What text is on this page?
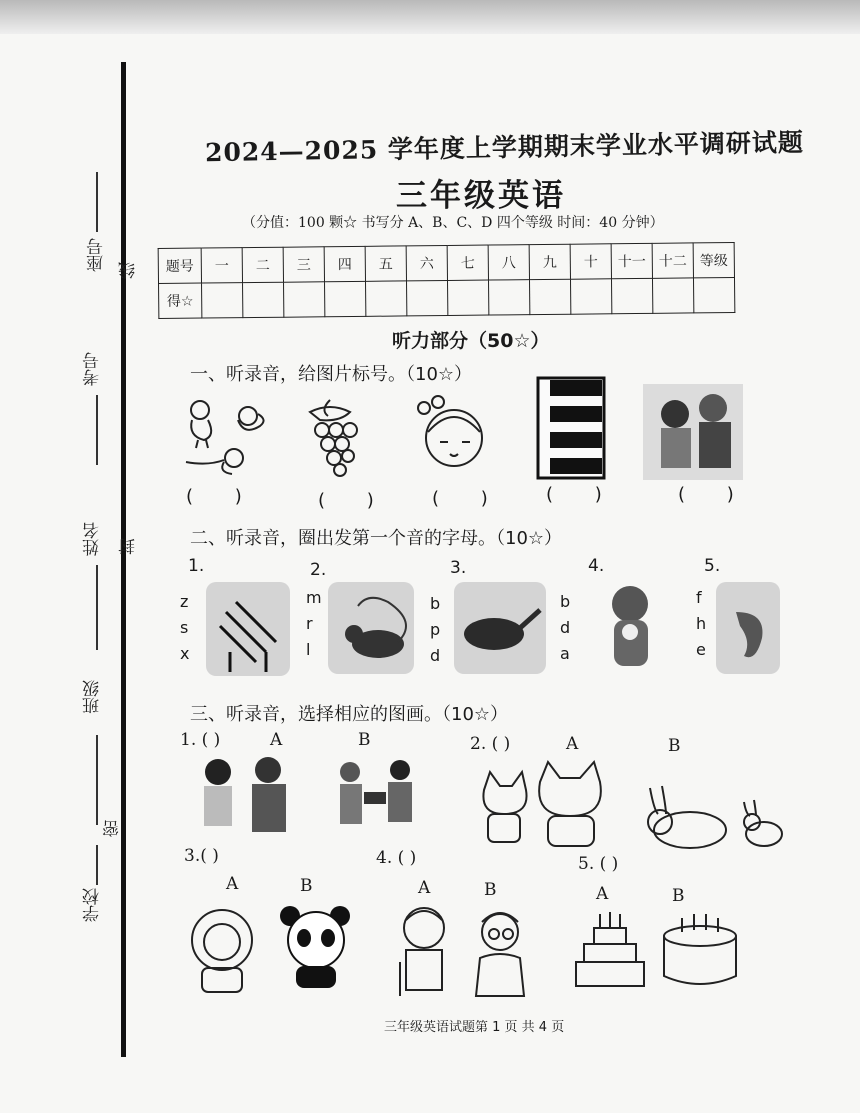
座号 线
考号
姓名 封
班级
密
学校
2024—2025 学年度上学期期末学业水平调研试题
三年级英语
（分值：100 颗☆ 书写分 A、B、C、D 四个等级 时间：40 分钟）
题号	一	二	三	四	五	六	七	八	九	十	十一	十二	等级
得☆													
听力部分（50☆）
一、听录音，给图片标号。（10☆）
( )	( ) ( ) ( )	( )
二、听录音，圈出发第一个音的字母。（10☆）
1.
z
s
x
2.
m
r
l
3.
b
p
d
4.
b
d
a
5.
f
h
e
三、听录音，选择相应的图画。（10☆）
1. ( )	A	B	2. ( )	A	B
3.( )	4. ( )	5. ( )
A	B	A	B	A	B
三年级英语试题第 1 页 共 4 页
